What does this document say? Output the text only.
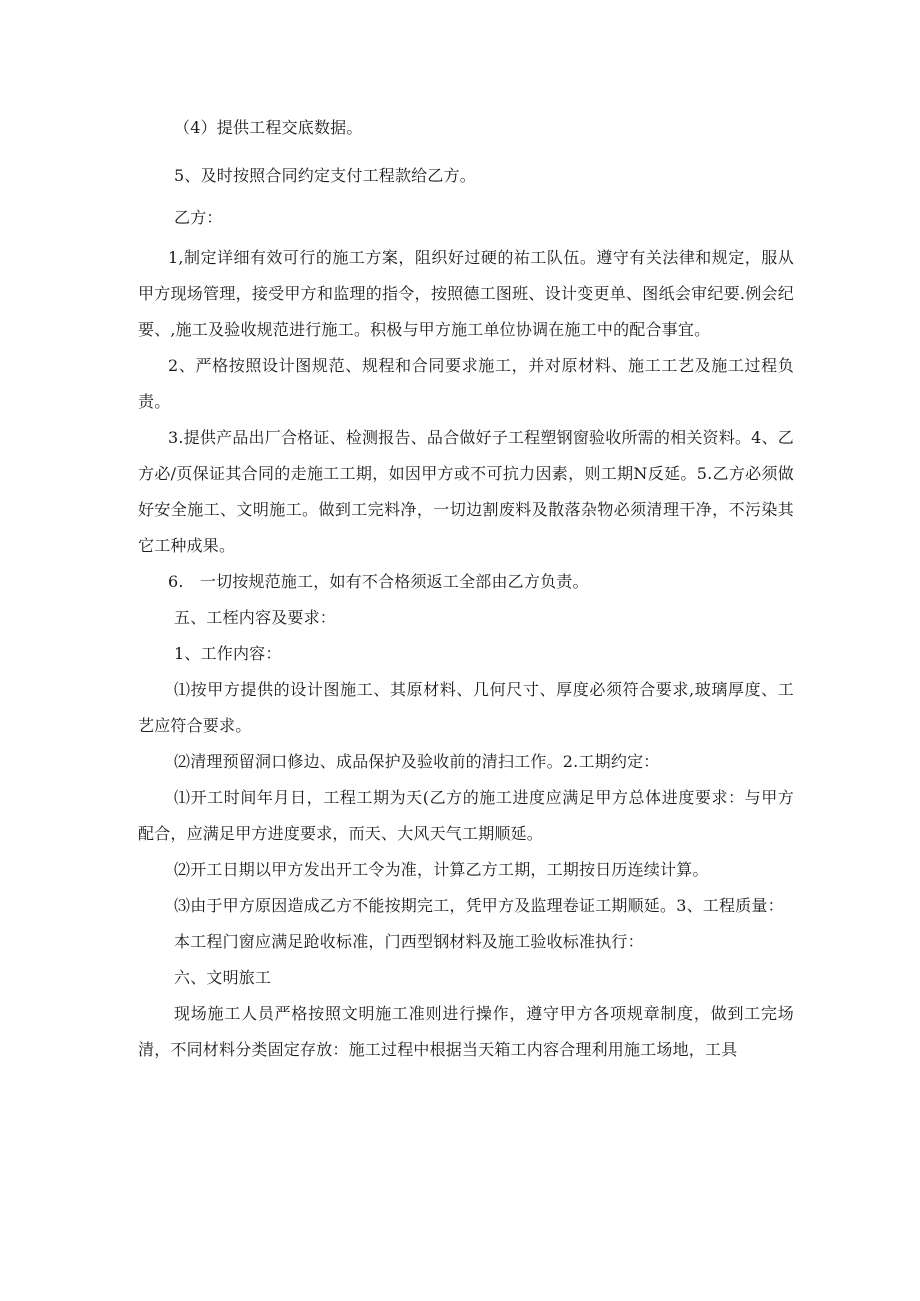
（4）提供工程交底数据。

5、及时按照合同约定支付工程款给乙方。

乙方：

1,制定详细有效可行的施工方案，阻织好过硬的祐工队伍。遵守有关法律和规定，服从甲方现场管理，接受甲方和监理的指令，按照德工图班、设计变更单、图纸会审纪要.例会纪要、,施工及验收规范进行施工。积极与甲方施工单位协调在施工中的配合事宜。

2、严格按照设计图规范、规程和合同要求施工，并对原材料、施工工艺及施工过程负责。

3.提供产品出厂合格证、检测报告、品合做好子工程塑钢窗验收所需的相关资料。4、乙方必/页保证其合同的走施工工期，如因甲方或不可抗力因素，则工期N反延。5.乙方必须做好安全施工、文明施工。做到工完料净，一切边割废料及散落杂物必须清理干净，不污染其它工种成果。

6.　一切按规范施工，如有不合格须返工全部由乙方负责。

五、工桎内容及要求：

1、工作内容：

⑴按甲方提供的设计图施工、其原材料、几何尺寸、厚度必须符合要求,玻璃厚度、工艺应符合要求。

⑵清理预留洞口修边、成品保护及验收前的清扫工作。2.工期约定：

⑴开工时间年月日，工程工期为天(乙方的施工进度应满足甲方总体进度要求：与甲方配合，应满足甲方进度要求，而天、大风天气工期顺延。

⑵开工日期以甲方发出开工令为准，计算乙方工期，工期按日历连续计算。

⑶由于甲方原因造成乙方不能按期完工，凭甲方及监理卷证工期顺延。3、工程质量：

本工程门窗应满足跄收标准，门西型钢材料及施工验收标准执行：

六、文明旅工

现场施工人员严格按照文明施工准则进行操作，遵守甲方各项规章制度，做到工完场清，不同材料分类固定存放：施工过程中根据当天箱工内容合理利用施工场地，工具
